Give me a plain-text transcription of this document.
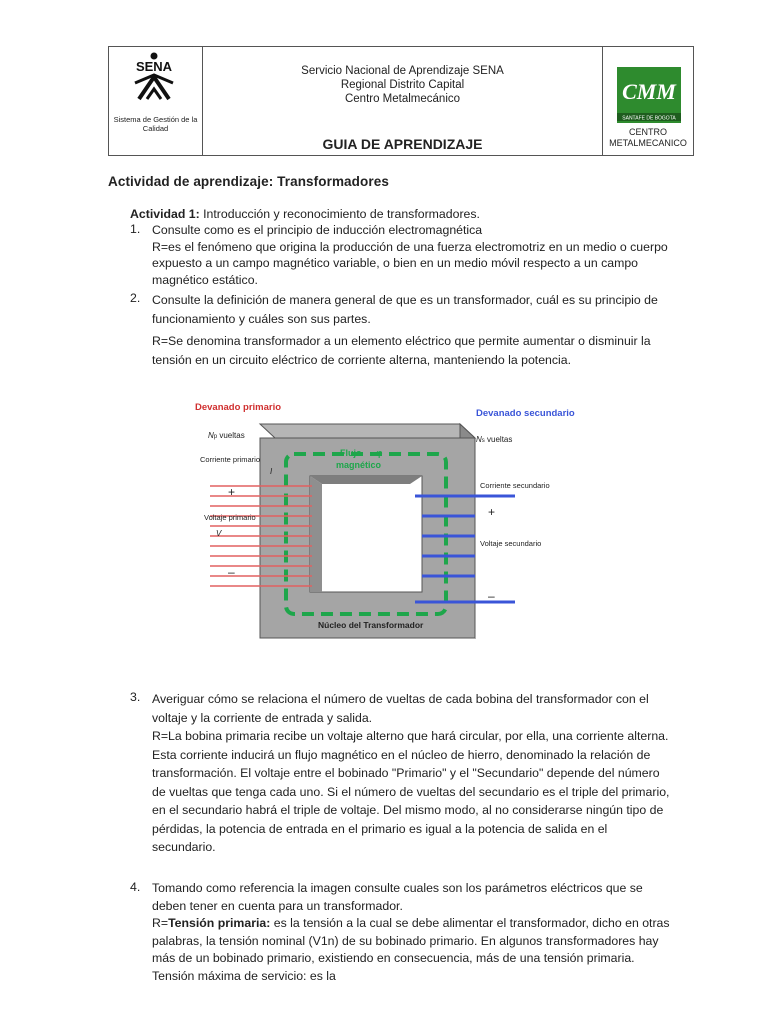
SENA
Sistema de Gestión de la Calidad
Servicio Nacional de Aprendizaje SENA
Regional Distrito Capital
Centro Metalmecánico
GUIA DE APRENDIZAJE
CMM
SANTAFE DE BOGOTA
CENTRO METALMECANICO
Actividad de aprendizaje: Transformadores
Actividad 1: Introducción y reconocimiento de transformadores.
1. Consulte como es el principio de inducción electromagnética
R=es el fenómeno que origina la producción de una fuerza electromotriz en un medio o cuerpo expuesto a un campo magnético variable, o bien en un medio móvil respecto a un campo magnético estático.
2. Consulte la definición de manera general de que es un transformador, cuál es su principio de funcionamiento y cuáles son sus partes.
R=Se denomina transformador a un elemento eléctrico que permite aumentar o disminuir la tensión en un circuito eléctrico de corriente alterna, manteniendo la potencia.
Devanado primario
Np vueltas
Devanado secundario
Ns vueltas
Corriente primario
I
Voltaje primario
V
+
–
Corriente secundario
Voltaje secundario
+
–
Flujo φ
magnético
Núcleo del Transformador
3. Averiguar cómo se relaciona el número de vueltas de cada bobina del transformador con el voltaje y la corriente de entrada y salida.
R=La bobina primaria recibe un voltaje alterno que hará circular, por ella, una corriente alterna. Esta corriente inducirá un flujo magnético en el núcleo de hierro, denominado la relación de transformación. El voltaje entre el bobinado "Primario" y el "Secundario" depende del número de vueltas que tenga cada uno. Si el número de vueltas del secundario es el triple del primario, en el secundario habrá el triple de voltaje. Del mismo modo, al no considerarse ningún tipo de pérdidas, la potencia de entrada en el primario es igual a la potencia de salida en el secundario.
4. Tomando como referencia la imagen consulte cuales son los parámetros eléctricos que se deben tener en cuenta para un transformador.
R=Tensión primaria: es la tensión a la cual se debe alimentar el transformador, dicho en otras palabras, la tensión nominal (V1n) de su bobinado primario. En algunos transformadores hay más de un bobinado primario, existiendo en consecuencia, más de una tensión primaria. Tensión máxima de servicio: es la
